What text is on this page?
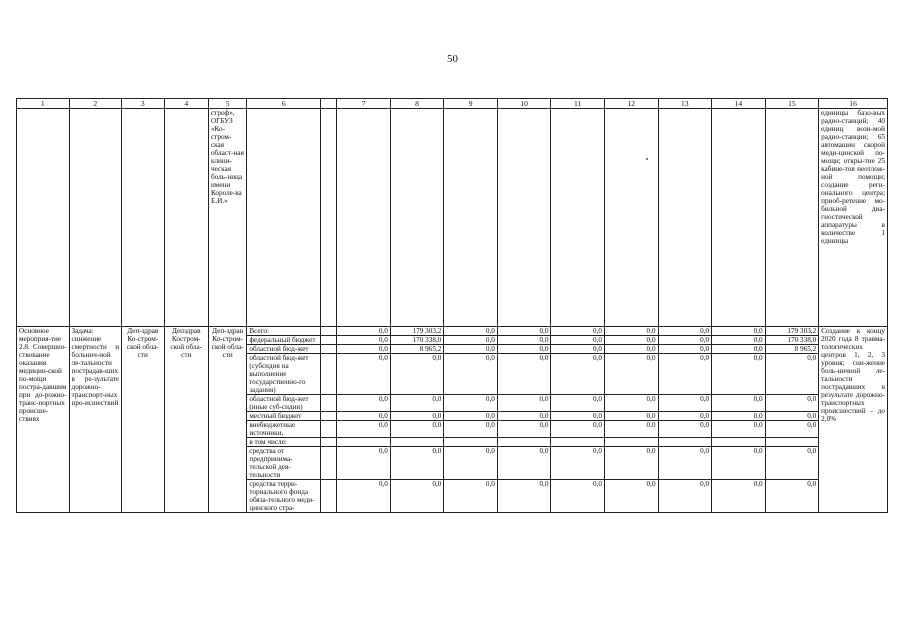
50
1	2	3	4	5	6		7	8	9	10	11	12	13	14	15	16
				строф», ОГБУЗ «Ко-стром-ская област-ная клини-ческая боль-ница имени Короле-ва Е.И.»												единицы базо-вых радио-станций; 40 единиц вози-мой радио-станции; 65 автомашин скорой меди-цинской по-мощи; откры-тие 25 кабине-тов неотлож-ной помощи; создание реги-онального центра; приоб-ретение мо-бильной диа-гностической аппаратуры в количестве 1 единицы
Основное мероприя-тие 2.8. Совершен-ствование оказания медицин-ской по-мощи постра-давшим при до-рожно-транс-портных происше-ствиях	Задача: снижение смертности и больнич-ной ле-тальности пострадав-ших в ре-зультате дорожно-транспорт-ных про-исшествий	Деп-здрав Ко-стром-ской обла-сти	Депздрав Костром-ской обла-сти	Деп-здрав Ко-стром-ской обла-сти	Всего:		0,0	179 303,2	0,0	0,0	0,0	0,0	0,0	0,0	179 303,2	Создание к концу 2020 года 8 травма-тологических центров 1, 2, 3 уровня; сни-жение боль-ничной ле-тальности пострадавших в результате дорожно-транспортных происшествий – до 2,0%
					федеральный бюджет		0,0	170 338,0	0,0	0,0	0,0	0,0	0,0	0,0	170 338,0	
					областной бюд-жет		0,0	8 965,2	0,0	0,0	0,0	0,0	0,0	0,0	8 965,2	
					областной бюд-жет (субсидия на выполнение государственно-го задания)		0,0	0,0	0,0	0,0	0,0	0,0	0,0	0,0	0,0	
					областной бюд-жет (иные суб-сидии)		0,0	0,0	0,0	0,0	0,0	0,0	0,0	0,0	0,0	
					местный бюджет		0,0	0,0	0,0	0,0	0,0	0,0	0,0	0,0	0,0	
					внебюджетные источники,		0,0	0,0	0,0	0,0	0,0	0,0	0,0	0,0	0,0	
					в том числе:											
					средства от предпринима-тельской дея-тельности		0,0	0,0	0,0	0,0	0,0	0,0	0,0	0,0	0,0	
					средства терри-ториального фонда обяза-тельного меди-цинского стра-		0,0	0,0	0,0	0,0	0,0	0,0	0,0	0,0	0,0	
